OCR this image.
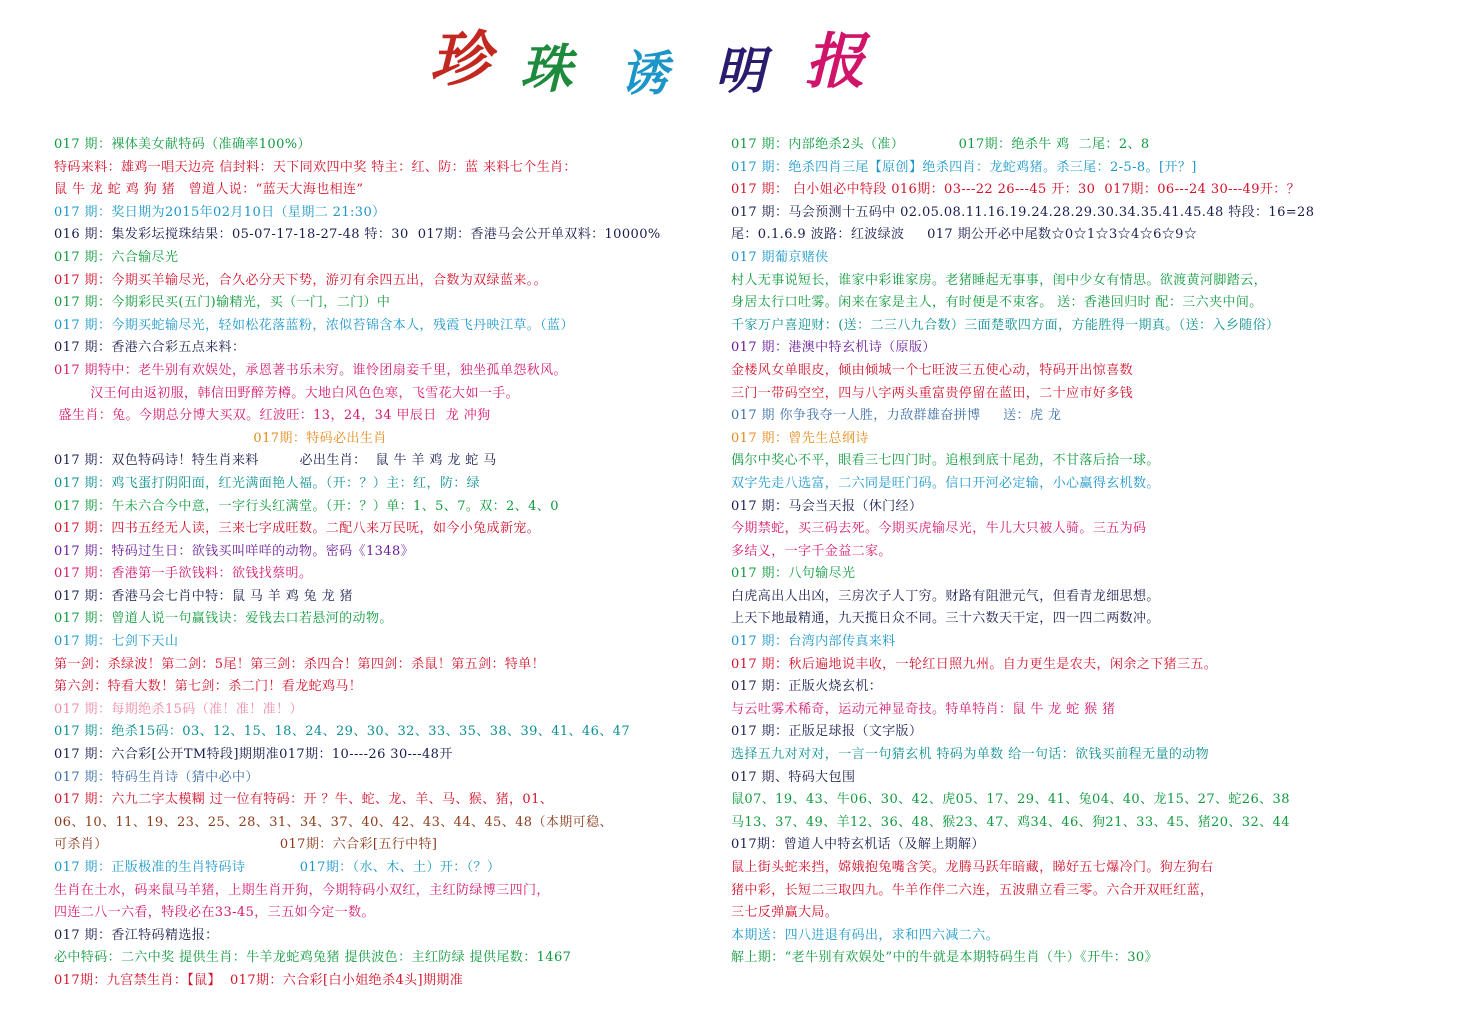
珍 珠 诱 明 报
017 期：裸体美女献特码（准确率100%）
特码来料：雄鸡一唱天边亮 信封料：天下同欢四中奖 特主：红、防：蓝 来料七个生肖：
鼠 牛 龙 蛇 鸡 狗 猪   曾道人说：“蓝天大海也相连”
017 期：奖日期为2015年02月10日（星期二 21:30）
016 期：集发彩坛搅珠结果：05-07-17-18-27-48 特：30  017期：香港马会公开单双料：10000%
017 期：六合输尽光
017 期：今期买羊输尽光，合久必分天下势，游刃有余四五出，合数为双绿蓝来。。
017 期：今期彩民买(五门)输精光，买（一门，二门）中
017 期：今期买蛇输尽光，轻如松花落蓝粉，浓似苔锦含本人，残霞飞丹映江草。（蓝）
017 期：香港六合彩五点来料：
017 期特中：老牛别有欢娱处，承恩著书乐未穷。谁怜团扇妾千里，独坐孤单怨秋风。
汉王何由返初服，韩信田野醉芳樽。大地白风色色寒，飞雪花大如一手。
盛生肖：兔。今期总分博大买双。红波旺：13，24，34 甲辰日  龙 冲狗
017期：特码必出生肖
017 期：双色特码诗！特生肖来料         必出生肖：  鼠 牛 羊 鸡 龙 蛇 马
017 期：鸡飞蛋打阴阳面，红光满面艳人福。（开：？）主：红，防：绿
017 期：午未六合今中意，一字行头红满堂。（开：？）单：1、5、7。双：2、4、0
017 期：四书五经无人读，三来七字成旺数。二配八来万民呒，如今小兔成新宠。
017 期：特码过生日：欲钱买叫咩咩的动物。密码《1348》
017 期：香港第一手欲钱料：欲钱找蔡明。
017 期：香港马会七肖中特：鼠 马 羊 鸡 兔 龙 猪
017 期：曾道人说一句赢钱诀：爱钱去口若悬河的动物。
017 期：七剑下天山
第一剑：杀绿波！第二剑：5尾！第三剑：杀四合！第四剑：杀鼠！第五剑：特单！
第六剑：特看大数！第七剑：杀二门！看龙蛇鸡马！
017 期：每期绝杀15码（准！准！准！）
017 期：绝杀15码：03、12、15、18、24、29、30、32、33、35、38、39、41、46、47
017 期：六合彩[公开TM特段]期期准017期：10----26 30---48开
017 期：特码生肖诗（猜中必中）
017 期：六九二字太模糊 过一位有特码：开 ？牛、蛇、龙、羊、马、猴、猪，01、
06、10、11、19、23、25、28、31、34、37、40、42、43、44、45、48（本期可稳、
可杀肖）                                      017期：六合彩[五行中特]
017 期：正版极准的生肖特码诗            017期：（水、木、土）开：（？）
生肖在土水，码来鼠马羊猪，上期生肖开狗，今期特码小双红，主红防绿博三四门，
四连二八一六看，特段必在33-45，三五如今定一数。
017 期：香江特码精选报：
必中特码：二六中奖 提供生肖：牛羊龙蛇鸡兔猪 提供波色：主红防绿 提供尾数：1467
017期：九宫禁生肖：【鼠】  017期：六合彩[白小姐绝杀4头]期期准
017 期：内部绝杀2头（准）            017期：绝杀牛 鸡  二尾：2、8
017 期：绝杀四肖三尾【原创】绝杀四肖：龙蛇鸡猪。杀三尾：2-5-8。[开？]
017 期： 白小姐必中特段 016期：03---22 26---45 开：30  017期：06---24 30---49开：？
017 期：马会预测十五码中 02.05.08.11.16.19.24.28.29.30.34.35.41.45.48 特段：16=28
尾：0.1.6.9 波路：红波绿波     017 期公开必中尾数☆0☆1☆3☆4☆6☆9☆
017 期葡京赌侠
村人无事说短长，谁家中彩谁家房。老猪睡起无事事，闺中少女有情思。欲渡黄河脚踏云，
身居太行口吐雾。闲来在家是主人，有时便是不束客。 送：香港回归时 配：三六夹中间。
千家万户喜迎财：(送：二三八九合数）三面楚歌四方面，方能胜得一期真。（送：入乡随俗）
017 期：港澳中特玄机诗（原版）
金楼风女单眼皮，倾由倾城一个七旺波三五使心动，特码开出惊喜数
三门一带码空空，四与八字两头重富贵停留在蓝田，二十应市好多钱
017 期 你争我夺一人胜，力敌群雄奋拼博     送：虎 龙
017 期：曾先生总纲诗
偶尔中奖心不平，眼看三七四门时。追根到底十尾劲，不甘落后拾一球。
双字先走八选富，二六同是旺门码。信口开河必定输，小心赢得玄机数。
017 期：马会当天报（休门经）
今期禁蛇，买三码去死。今期买虎输尽光，牛儿大只被人骑。三五为码
多结义，一字千金益二家。
017 期：八句输尽光
白虎高出人出凶，三房次子人丁穷。财路有阻泄元气，但看青龙细思想。
上天下地最精通，九天揽日众不同。三十六数天干定，四一四二两数冲。
017 期：台湾内部传真来料
017 期：秋后遍地说丰收，一轮红日照九州。自力更生是农夫，闲余之下猪三五。
017 期：正版火烧玄机：
与云吐雾术稀奇，运动元神显奇技。特单特肖：鼠 牛 龙 蛇 猴 猪
017 期：正版足球报（文字版）
选择五九对对对，一言一句猜玄机 特码为单数 给一句话：欲钱买前程无量的动物
017 期、特码大包围
鼠07、19、43、牛06、30、42、虎05、17、29、41、兔04、40、龙15、27、蛇26、38
马13、37、49、羊12、36、48、猴23、47、鸡34、46、狗21、33、45、猪20、32、44
017期：曾道人中特玄机话（及解上期解）
鼠上街头蛇来挡，嫦娥抱兔嘴含笑。龙腾马跃年暗藏，睇好五七爆冷门。狗左狗右
猪中彩，长短二三取四九。牛羊作伴二六连，五波鼎立看三零。六合开双旺红蓝，
三七反弹赢大局。
本期送：四八进退有码出，求和四六减二六。
解上期：“老牛别有欢娱处”中的牛就是本期特码生肖（牛）《开牛：30》
